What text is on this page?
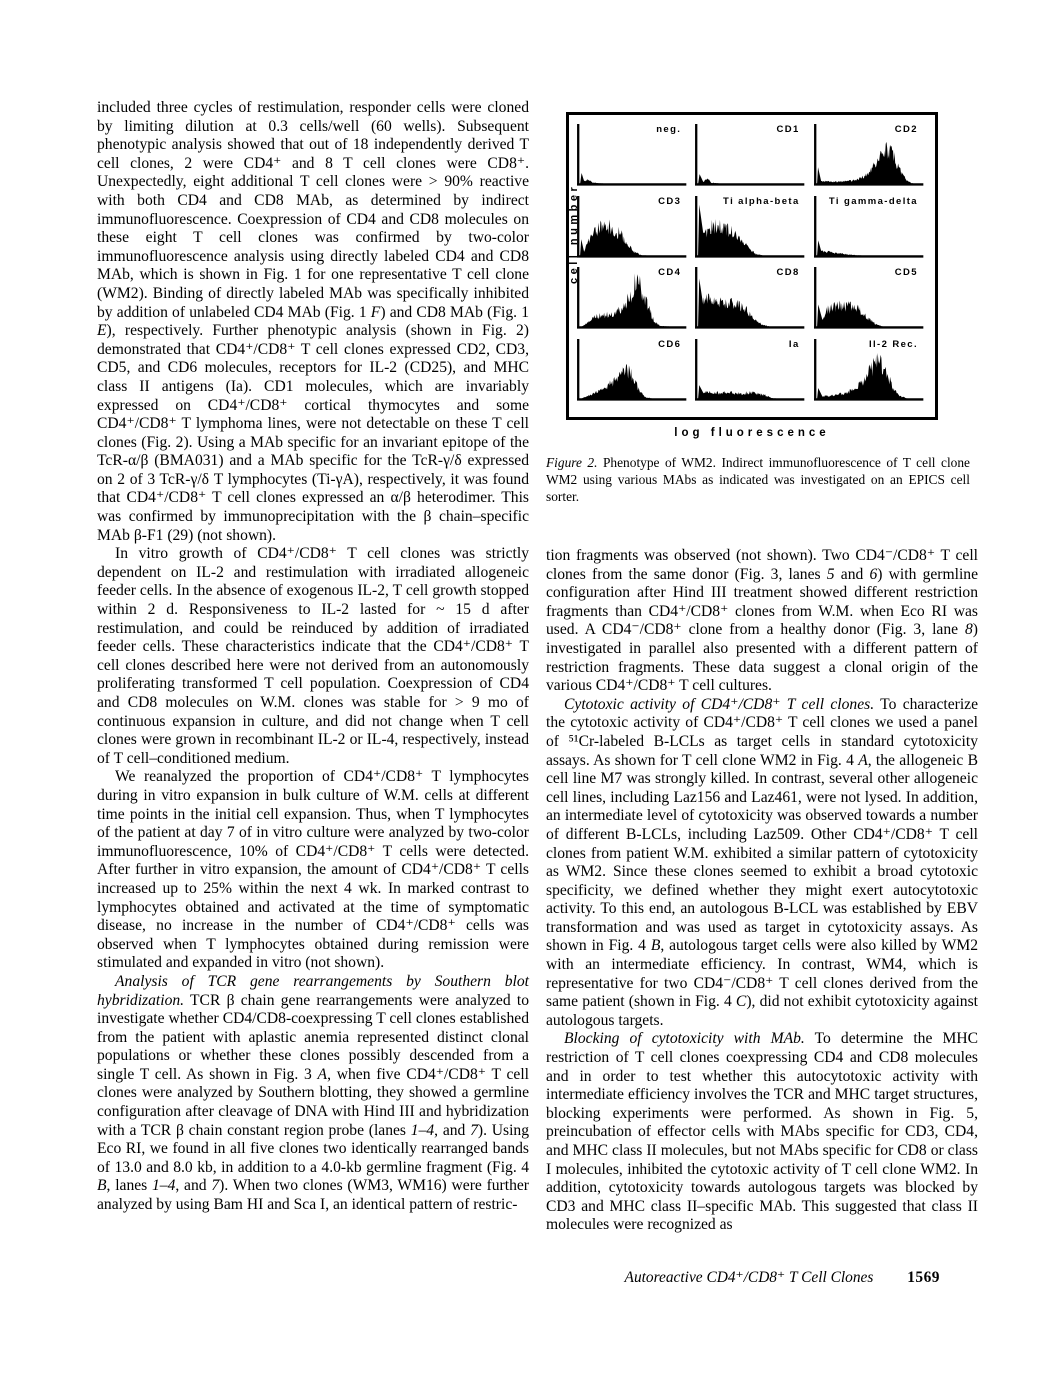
included three cycles of restimulation, responder cells were cloned by limiting dilution at 0.3 cells/well (60 wells). Subsequent phenotypic analysis showed that out of 18 independently derived T cell clones, 2 were CD4⁺ and 8 T cell clones were CD8⁺. Unexpectedly, eight additional T cell clones were > 90% reactive with both CD4 and CD8 MAb, as determined by indirect immunofluorescence. Coexpression of CD4 and CD8 molecules on these eight T cell clones was confirmed by two-color immunofluorescence analysis using directly labeled CD4 and CD8 MAb, which is shown in Fig. 1 for one representative T cell clone (WM2). Binding of directly labeled MAb was specifically inhibited by addition of unlabeled CD4 MAb (Fig. 1 F) and CD8 MAb (Fig. 1 E), respectively. Further phenotypic analysis (shown in Fig. 2) demonstrated that CD4⁺/CD8⁺ T cell clones expressed CD2, CD3, CD5, and CD6 molecules, receptors for IL-2 (CD25), and MHC class II antigens (Ia). CD1 molecules, which are invariably expressed on CD4⁺/CD8⁺ cortical thymocytes and some CD4⁺/CD8⁺ T lymphoma lines, were not detectable on these T cell clones (Fig. 2). Using a MAb specific for an invariant epitope of the TcR-α/β (BMA031) and a MAb specific for the TcR-γ/δ expressed on 2 of 3 TcR-γ/δ T lymphocytes (Ti-γA), respectively, it was found that CD4⁺/CD8⁺ T cell clones expressed an α/β heterodimer. This was confirmed by immunoprecipitation with the β chain–specific MAb β-F1 (29) (not shown).

In vitro growth of CD4⁺/CD8⁺ T cell clones was strictly dependent on IL-2 and restimulation with irradiated allogeneic feeder cells. In the absence of exogenous IL-2, T cell growth stopped within 2 d. Responsiveness to IL-2 lasted for ~ 15 d after restimulation, and could be reinduced by addition of irradiated feeder cells. These characteristics indicate that the CD4⁺/CD8⁺ T cell clones described here were not derived from an autonomously proliferating transformed T cell population. Coexpression of CD4 and CD8 molecules on W.M. clones was stable for > 9 mo of continuous expansion in culture, and did not change when T cell clones were grown in recombinant IL-2 or IL-4, respectively, instead of T cell–conditioned medium.

We reanalyzed the proportion of CD4⁺/CD8⁺ T lymphocytes during in vitro expansion in bulk culture of W.M. cells at different time points in the initial cell expansion. Thus, when T lymphocytes of the patient at day 7 of in vitro culture were analyzed by two-color immunofluorescence, 10% of CD4⁺/CD8⁺ T cells were detected. After further in vitro expansion, the amount of CD4⁺/CD8⁺ T cells increased up to 25% within the next 4 wk. In marked contrast to lymphocytes obtained and activated at the time of symptomatic disease, no increase in the number of CD4⁺/CD8⁺ cells was observed when T lymphocytes obtained during remission were stimulated and expanded in vitro (not shown).

Analysis of TCR gene rearrangements by Southern blot hybridization. TCR β chain gene rearrangements were analyzed to investigate whether CD4/CD8-coexpressing T cell clones established from the patient with aplastic anemia represented distinct clonal populations or whether these clones possibly descended from a single T cell. As shown in Fig. 3 A, when five CD4⁺/CD8⁺ T cell clones were analyzed by Southern blotting, they showed a germline configuration after cleavage of DNA with Hind III and hybridization with a TCR β chain constant region probe (lanes 1–4, and 7). Using Eco RI, we found in all five clones two identically rearranged bands of 13.0 and 8.0 kb, in addition to a 4.0-kb germline fragment (Fig. 4 B, lanes 1–4, and 7). When two clones (WM3, WM16) were further analyzed by using Bam HI and Sca I, an identical pattern of restric-

cell number
neg.	CD1	CD2
CD3	Ti alpha-beta	Ti gamma-delta
CD4	CD8	CD5
CD6	Ia	Il-2 Rec.
log fluorescence
Figure 2. Phenotype of WM2. Indirect immunofluorescence of T cell clone WM2 using various MAbs as indicated was investigated on an EPICS cell sorter.

tion fragments was observed (not shown). Two CD4⁻/CD8⁺ T cell clones from the same donor (Fig. 3, lanes 5 and 6) with germline configuration after Hind III treatment showed different restriction fragments than CD4⁺/CD8⁺ clones from W.M. when Eco RI was used. A CD4⁻/CD8⁺ clone from a healthy donor (Fig. 3, lane 8) investigated in parallel also presented with a different pattern of restriction fragments. These data suggest a clonal origin of the various CD4⁺/CD8⁺ T cell cultures.

Cytotoxic activity of CD4⁺/CD8⁺ T cell clones. To characterize the cytotoxic activity of CD4⁺/CD8⁺ T cell clones we used a panel of ⁵¹Cr-labeled B-LCLs as target cells in standard cytotoxicity assays. As shown for T cell clone WM2 in Fig. 4 A, the allogeneic B cell line M7 was strongly killed. In contrast, several other allogeneic cell lines, including Laz156 and Laz461, were not lysed. In addition, an intermediate level of cytotoxicity was observed towards a number of different B-LCLs, including Laz509. Other CD4⁺/CD8⁺ T cell clones from patient W.M. exhibited a similar pattern of cytotoxicity as WM2. Since these clones seemed to exhibit a broad cytotoxic specificity, we defined whether they might exert autocytotoxic activity. To this end, an autologous B-LCL was established by EBV transformation and was used as target in cytotoxicity assays. As shown in Fig. 4 B, autologous target cells were also killed by WM2 with an intermediate efficiency. In contrast, WM4, which is representative for two CD4⁻/CD8⁺ T cell clones derived from the same patient (shown in Fig. 4 C), did not exhibit cytotoxicity against autologous targets.

Blocking of cytotoxicity with MAb. To determine the MHC restriction of T cell clones coexpressing CD4 and CD8 molecules and in order to test whether this autocytotoxic activity with intermediate efficiency involves the TCR and MHC target structures, blocking experiments were performed. As shown in Fig. 5, preincubation of effector cells with MAbs specific for CD3, CD4, and MHC class II molecules, but not MAbs specific for CD8 or class I molecules, inhibited the cytotoxic activity of T cell clone WM2. In addition, cytotoxicity towards autologous targets was blocked by CD3 and MHC class II–specific MAb. This suggested that class II molecules were recognized as

Autoreactive CD4⁺/CD8⁺ T Cell Clones 1569
